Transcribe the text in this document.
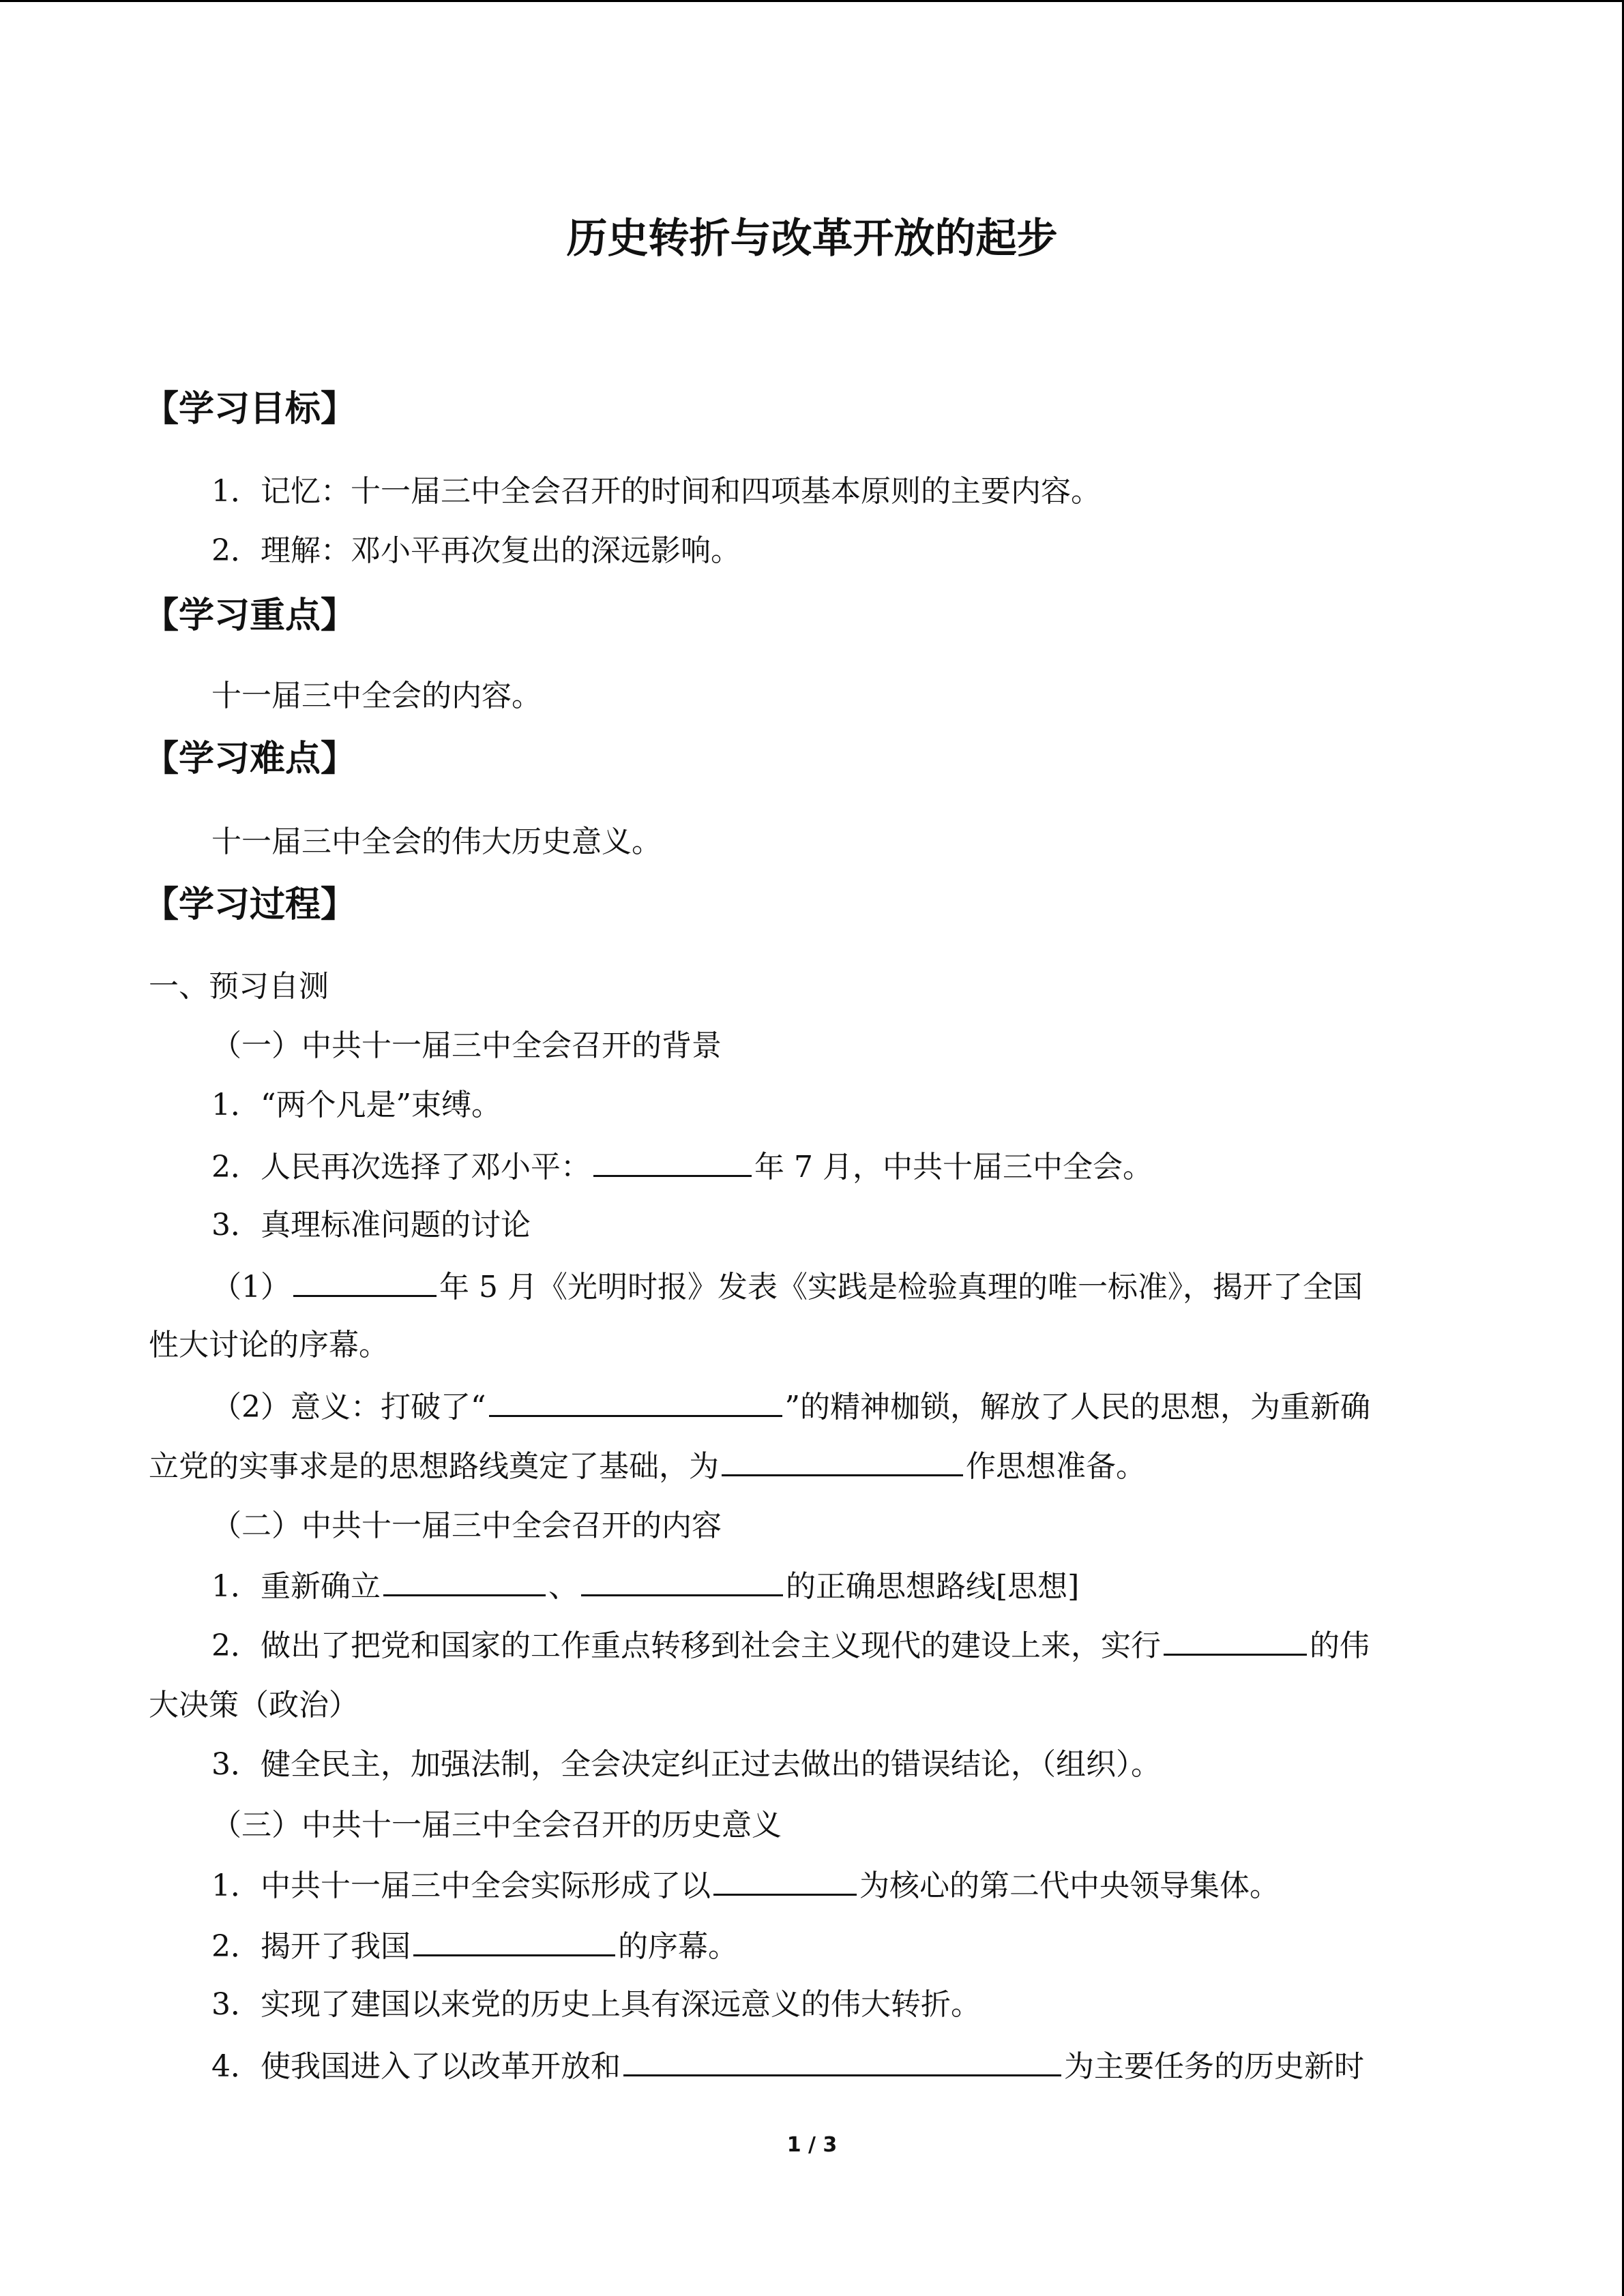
历史转折与改革开放的起步
【学习目标】
1．记忆：十一届三中全会召开的时间和四项基本原则的主要内容。
2．理解：邓小平再次复出的深远影响。
【学习重点】
十一届三中全会的内容。
【学习难点】
十一届三中全会的伟大历史意义。
【学习过程】
一、预习自测
（一）中共十一届三中全会召开的背景
1．“两个凡是”束缚。
2．人民再次选择了邓小平：	年 7 月，中共十届三中全会。
3．真理标准问题的讨论
（1）	年 5 月《光明时报》发表《实践是检验真理的唯一标准》，揭开了全国
性大讨论的序幕。
（2）意义：打破了“	”的精神枷锁，解放了人民的思想，为重新确
立党的实事求是的思想路线奠定了基础，为	作思想准备。
（二）中共十一届三中全会召开的内容
1．重新确立	、	的正确思想路线[思想]
2．做出了把党和国家的工作重点转移到社会主义现代的建设上来，实行	的伟
大决策（政治）
3．健全民主，加强法制，全会决定纠正过去做出的错误结论，（组织）。
（三）中共十一届三中全会召开的历史意义
1．中共十一届三中全会实际形成了以	为核心的第二代中央领导集体。
2．揭开了我国	的序幕。
3．实现了建国以来党的历史上具有深远意义的伟大转折。
4．使我国进入了以改革开放和	为主要任务的历史新时
1 / 3
